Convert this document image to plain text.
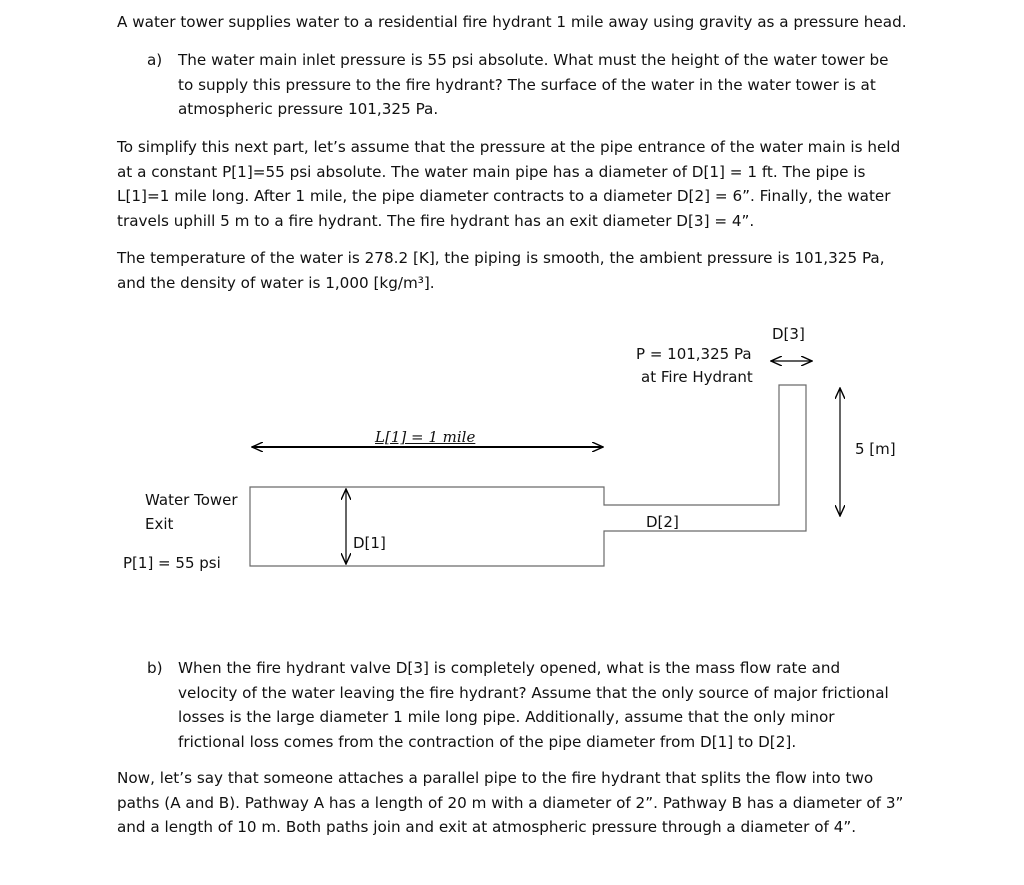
A water tower supplies water to a residential fire hydrant 1 mile away using gravity as a pressure head.
a) The water main inlet pressure is 55 psi absolute. What must the height of the water tower be to supply this pressure to the fire hydrant? The surface of the water in the water tower is at atmospheric pressure 101,325 Pa.
To simplify this next part, let’s assume that the pressure at the pipe entrance of the water main is held at a constant P[1]=55 psi absolute. The water main pipe has a diameter of D[1] = 1 ft. The pipe is L[1]=1 mile long. After 1 mile, the pipe diameter contracts to a diameter D[2] = 6”. Finally, the water travels uphill 5 m to a fire hydrant. The fire hydrant has an exit diameter D[3] = 4”.
The temperature of the water is 278.2 [K], the piping is smooth, the ambient pressure is 101,325 Pa, and the density of water is 1,000 [kg/m³].
D[3]
P = 101,325 Pa
at Fire Hydrant
L[1] = 1 mile
5 [m]
Water Tower
Exit	D[2]
D[1]
P[1] = 55 psi
b) When the fire hydrant valve D[3] is completely opened, what is the mass flow rate and velocity of the water leaving the fire hydrant? Assume that the only source of major frictional losses is the large diameter 1 mile long pipe. Additionally, assume that the only minor frictional loss comes from the contraction of the pipe diameter from D[1] to D[2].
Now, let’s say that someone attaches a parallel pipe to the fire hydrant that splits the flow into two paths (A and B). Pathway A has a length of 20 m with a diameter of 2”. Pathway B has a diameter of 3” and a length of 10 m. Both paths join and exit at atmospheric pressure through a diameter of 4”.
